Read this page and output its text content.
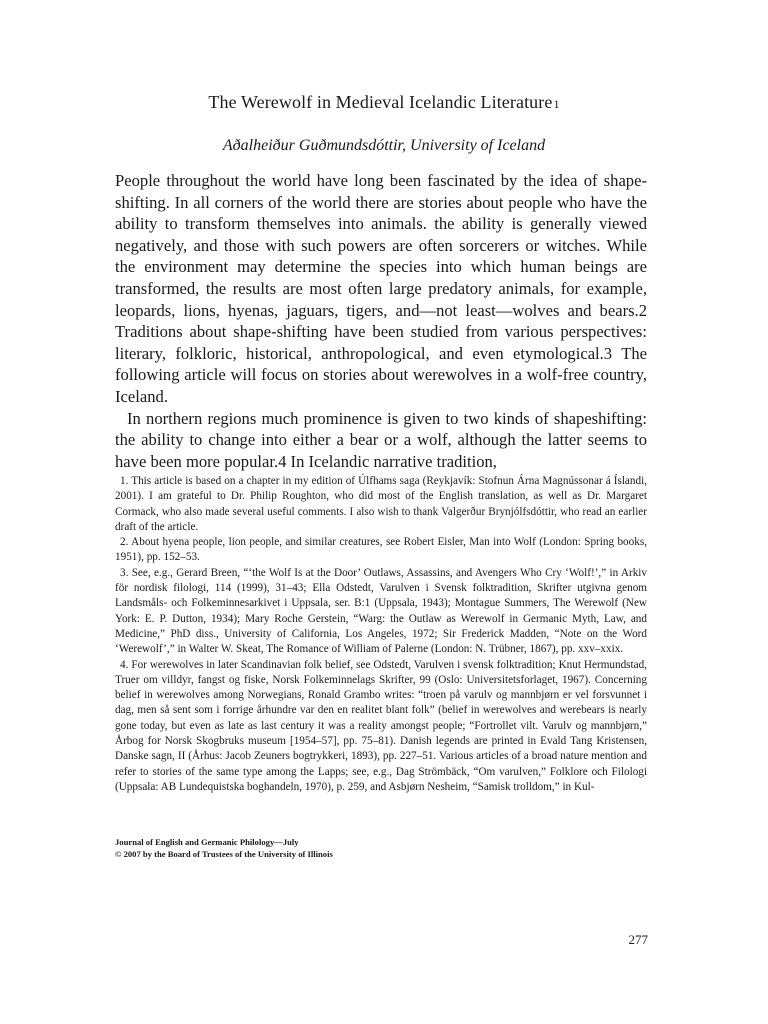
The Werewolf in Medieval Icelandic Literature1
Aðalheiður Guðmundsdóttir, University of Iceland

People throughout the world have long been fascinated by the idea of shape-shifting. In all corners of the world there are stories about people who have the ability to transform themselves into animals. the ability is generally viewed negatively, and those with such powers are often sorcerers or witches. While the environment may determine the species into which human beings are transformed, the results are most often large predatory animals, for example, leopards, lions, hyenas, jaguars, tigers, and—not least—wolves and bears.2 Traditions about shape-shifting have been studied from various perspectives: literary, folkloric, historical, anthropological, and even etymological.3 The following article will focus on stories about werewolves in a wolf-free country, Iceland.

In northern regions much prominence is given to two kinds of shapeshifting: the ability to change into either a bear or a wolf, although the latter seems to have been more popular.4 In Icelandic narrative tradition,

1. This article is based on a chapter in my edition of Úlfhams saga (Reykjavík: Stofnun Árna Magnússonar á Íslandi, 2001). I am grateful to Dr. Philip Roughton, who did most of the English translation, as well as Dr. Margaret Cormack, who also made several useful comments. I also wish to thank Valgerður Brynjólfsdóttir, who read an earlier draft of the article.

2. About hyena people, lion people, and similar creatures, see Robert Eisler, Man into Wolf (London: Spring books, 1951), pp. 152–53.

3. See, e.g., Gerard Breen, “‘the Wolf Is at the Door’ Outlaws, Assassins, and Avengers Who Cry ‘Wolf!’,” in Arkiv för nordisk filologi, 114 (1999), 31–43; Ella Odstedt, Varulven i Svensk folktradition, Skrifter utgivna genom Landsmåls- och Folkeminnesarkivet i Uppsala, ser. B:1 (Uppsala, 1943); Montague Summers, The Werewolf (New York: E. P. Dutton, 1934); Mary Roche Gerstein, “Warg: the Outlaw as Werewolf in Germanic Myth, Law, and Medicine,” PhD diss., University of California, Los Angeles, 1972; Sir Frederick Madden, “Note on the Word ‘Werewolf’,” in Walter W. Skeat, The Romance of William of Palerne (London: N. Trübner, 1867), pp. xxv–xxix.

4. For werewolves in later Scandinavian folk belief, see Odstedt, Varulven i svensk folktradition; Knut Hermundstad, Truer om villdyr, fangst og fiske, Norsk Folkeminnelags Skrifter, 99 (Oslo: Universitetsforlaget, 1967). Concerning belief in werewolves among Norwegians, Ronald Grambo writes: “troen på varulv og mannbjørn er vel forsvunnet i dag, men så sent som i forrige århundre var den en realitet blant folk” (belief in werewolves and werebears is nearly gone today, but even as late as last century it was a reality amongst people; “Fortrollet vilt. Varulv og mannbjørn,” Årbog for Norsk Skogbruks museum [1954–57], pp. 75–81). Danish legends are printed in Evald Tang Kristensen, Danske sagn, II (Århus: Jacob Zeuners bogtrykkeri, 1893), pp. 227–51. Various articles of a broad nature mention and refer to stories of the same type among the Lapps; see, e.g., Dag Strömbäck, “Om varulven,” Folklore och Filologi (Uppsala: AB Lundequistska boghandeln, 1970), p. 259, and Asbjørn Nesheim, “Samisk trolldom,” in Kul-

Journal of English and Germanic Philology—July
© 2007 by the Board of Trustees of the University of Illinois
277
